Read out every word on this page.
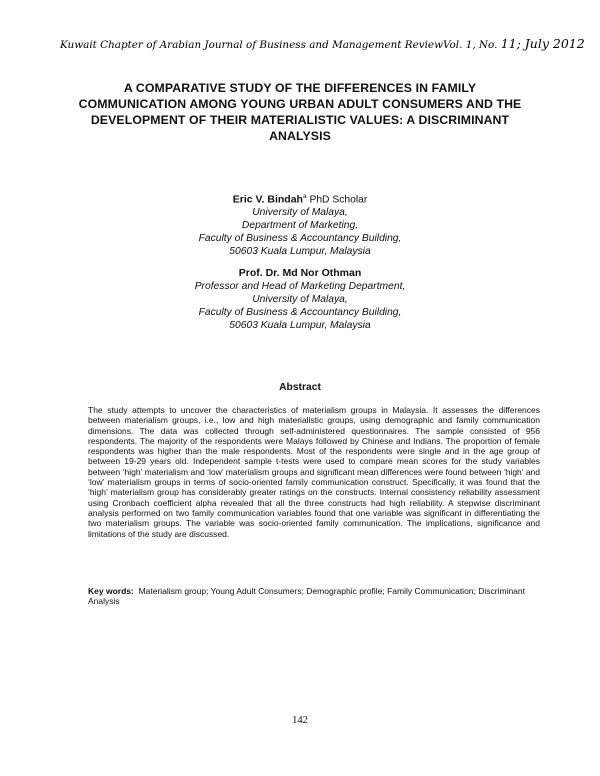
Kuwait Chapter of Arabian Journal of Business and Management Review Vol. 1, No. 11; July 2012
A COMPARATIVE STUDY OF THE DIFFERENCES IN FAMILY COMMUNICATION AMONG YOUNG URBAN ADULT CONSUMERS AND THE DEVELOPMENT OF THEIR MATERIALISTIC VALUES: A DISCRIMINANT ANALYSIS
Eric V. Bindah$^a$ PhD Scholar
University of Malaya,
Department of Marketing,
Faculty of Business & Accountancy Building,
50603 Kuala Lumpur, Malaysia
Prof. Dr. Md Nor Othman
Professor and Head of Marketing Department,
University of Malaya,
Faculty of Business & Accountancy Building,
50603 Kuala Lumpur, Malaysia
Abstract
The study attempts to uncover the characteristics of materialism groups in Malaysia. It assesses the differences between materialism groups, i.e., low and high materialistic groups, using demographic and family communication dimensions. The data was collected through self-administered questionnaires. The sample consisted of 956 respondents. The majority of the respondents were Malays followed by Chinese and Indians. The proportion of female respondents was higher than the male respondents. Most of the respondents were single and in the age group of between 19-29 years old. Independent sample t-tests were used to compare mean scores for the study variables between ‘high’ materialism and ‘low’ materialism groups and significant mean differences were found between ‘high’ and ‘low’ materialism groups in terms of socio-oriented family communication construct. Specifically, it was found that the ‘high’ materialism group has considerably greater ratings on the constructs. Internal consistency reliability assessment using Cronbach coefficient alpha revealed that all the three constructs had high reliability. A stepwise discriminant analysis performed on two family communication variables found that one variable was significant in differentiating the two materialism groups. The variable was socio-oriented family communication. The implications, significance and limitations of the study are discussed.
Key words: Materialism group; Young Adult Consumers; Demographic profile; Family Communication; Discriminant Analysis
142
